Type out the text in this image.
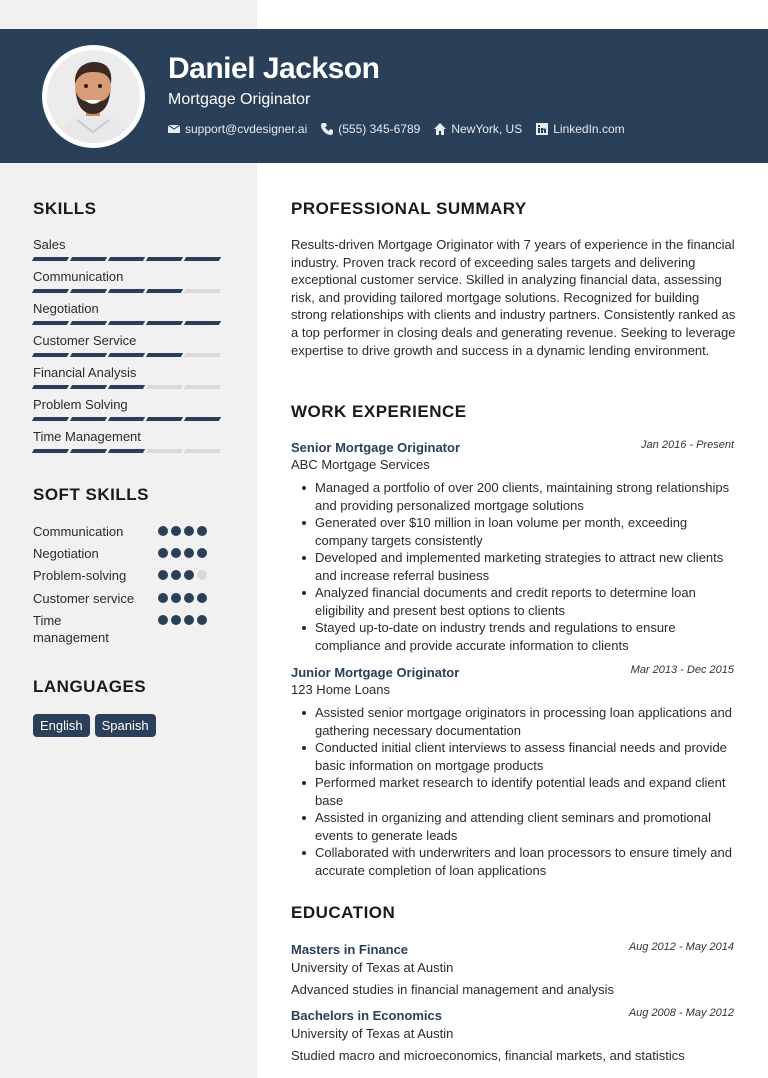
Daniel Jackson
Mortgage Originator
support@cvdesigner.ai	(555) 345-6789	NewYork, US	LinkedIn.com
SKILLS
Sales
Communication
Negotiation
Customer Service
Financial Analysis
Problem Solving
Time Management
SOFT SKILLS
Communication
Negotiation
Problem-solving
Customer service
Time management
LANGUAGES
English	Spanish
PROFESSIONAL SUMMARY
Results-driven Mortgage Originator with 7 years of experience in the financial industry. Proven track record of exceeding sales targets and delivering exceptional customer service. Skilled in analyzing financial data, assessing risk, and providing tailored mortgage solutions. Recognized for building strong relationships with clients and industry partners. Consistently ranked as a top performer in closing deals and generating revenue. Seeking to leverage expertise to drive growth and success in a dynamic lending environment.
WORK EXPERIENCE
Senior Mortgage Originator	Jan 2016 - Present
ABC Mortgage Services
Managed a portfolio of over 200 clients, maintaining strong relationships and providing personalized mortgage solutions
Generated over $10 million in loan volume per month, exceeding company targets consistently
Developed and implemented marketing strategies to attract new clients and increase referral business
Analyzed financial documents and credit reports to determine loan eligibility and present best options to clients
Stayed up-to-date on industry trends and regulations to ensure compliance and provide accurate information to clients
Junior Mortgage Originator	Mar 2013 - Dec 2015
123 Home Loans
Assisted senior mortgage originators in processing loan applications and gathering necessary documentation
Conducted initial client interviews to assess financial needs and provide basic information on mortgage products
Performed market research to identify potential leads and expand client base
Assisted in organizing and attending client seminars and promotional events to generate leads
Collaborated with underwriters and loan processors to ensure timely and accurate completion of loan applications
EDUCATION
Masters in Finance	Aug 2012 - May 2014
University of Texas at Austin
Advanced studies in financial management and analysis
Bachelors in Economics	Aug 2008 - May 2012
University of Texas at Austin
Studied macro and microeconomics, financial markets, and statistics
